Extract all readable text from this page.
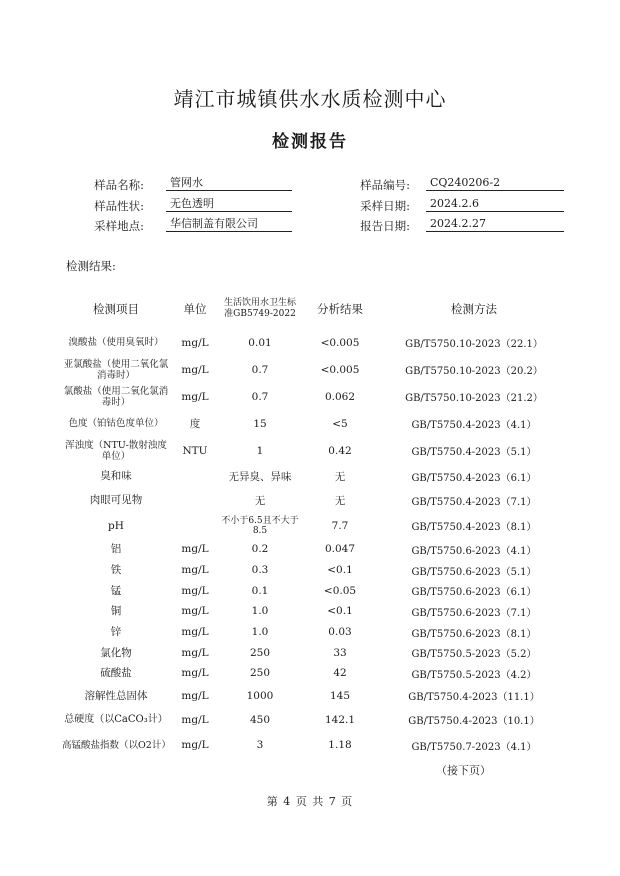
靖江市城镇供水水质检测中心
检测报告
样品名称:	管网水	样品编号:	CQ240206-2
样品性状:	无色透明	采样日期:	2024.2.6
采样地点:	华信制盖有限公司	报告日期:	2024.2.27
检测结果:
检测项目	单位	生活饮用水卫生标准GB5749-2022	分析结果	检测方法
溴酸盐（使用臭氧时）	mg/L	0.01	<0.005	GB/T5750.10-2023（22.1）
亚氯酸盐（使用二氧化氯消毒时）	mg/L	0.7	<0.005	GB/T5750.10-2023（20.2）
氯酸盐（使用二氧化氯消毒时）	mg/L	0.7	0.062	GB/T5750.10-2023（21.2）
色度（铂钴色度单位）	度	15	<5	GB/T5750.4-2023（4.1）
浑浊度（NTU-散射浊度单位）	NTU	1	0.42	GB/T5750.4-2023（5.1）
臭和味		无异臭、异味	无	GB/T5750.4-2023（6.1）
肉眼可见物		无	无	GB/T5750.4-2023（7.1）
pH		不小于6.5且不大于8.5	7.7	GB/T5750.4-2023（8.1）
铝	mg/L	0.2	0.047	GB/T5750.6-2023（4.1）
铁	mg/L	0.3	<0.1	GB/T5750.6-2023（5.1）
锰	mg/L	0.1	<0.05	GB/T5750.6-2023（6.1）
铜	mg/L	1.0	<0.1	GB/T5750.6-2023（7.1）
锌	mg/L	1.0	0.03	GB/T5750.6-2023（8.1）
氯化物	mg/L	250	33	GB/T5750.5-2023（5.2）
硫酸盐	mg/L	250	42	GB/T5750.5-2023（4.2）
溶解性总固体	mg/L	1000	145	GB/T5750.4-2023（11.1）
总硬度（以CaCO₃计）	mg/L	450	142.1	GB/T5750.4-2023（10.1）
高锰酸盐指数（以O2计）	mg/L	3	1.18	GB/T5750.7-2023（4.1）
（接下页）
第 4 页 共 7 页
